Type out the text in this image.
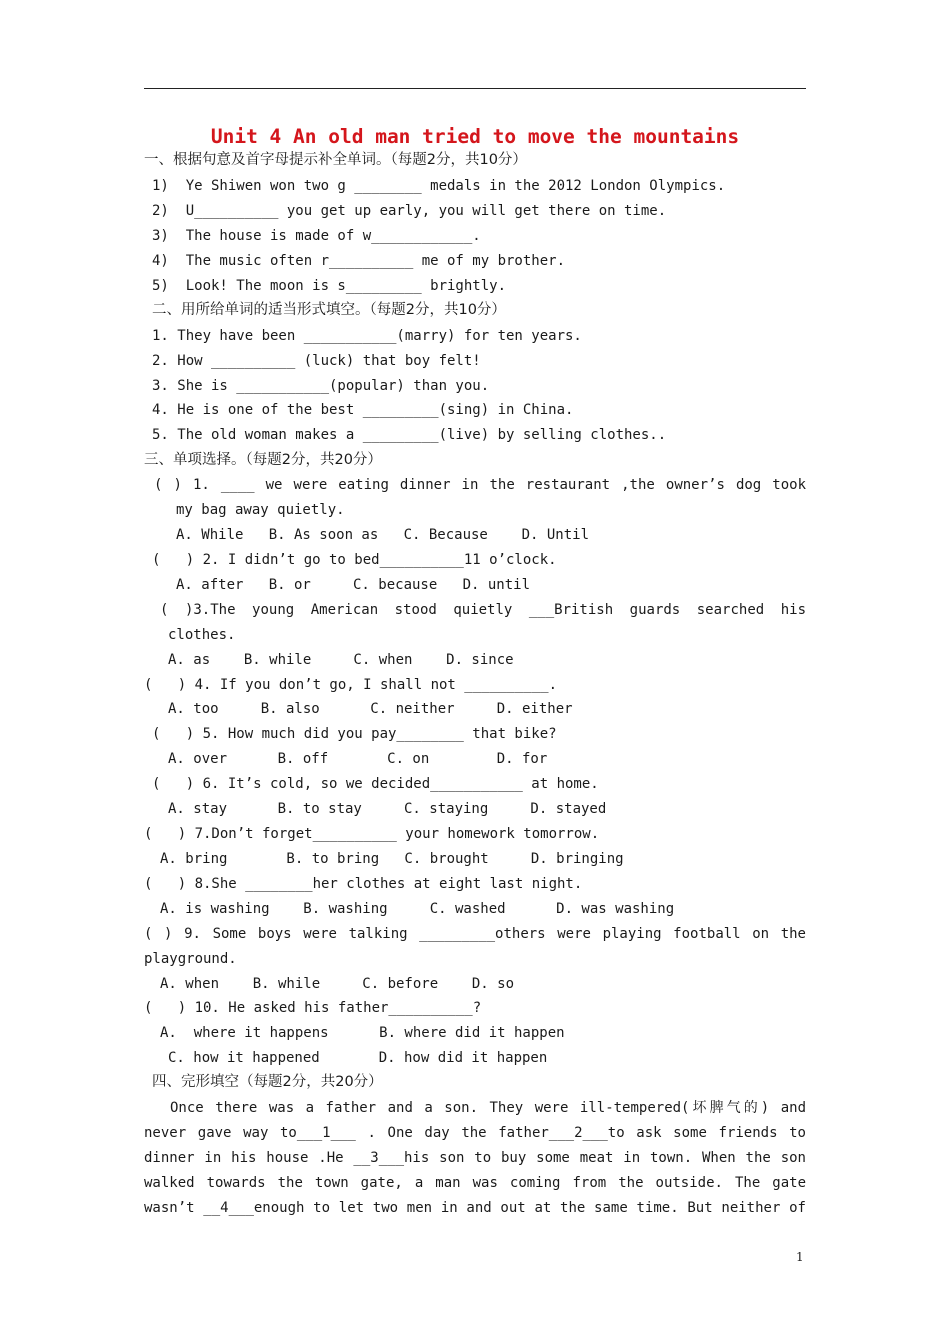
Unit 4 An old man tried to move the mountains
一、根据句意及首字母提示补全单词。（每题2分，共10分）
1)  Ye Shiwen won two g ________ medals in the 2012 London Olympics.
2)  U__________ you get up early, you will get there on time.
3)  The house is made of w____________.
4)  The music often r__________ me of my brother.
5)  Look! The moon is s_________ brightly.
二、用所给单词的适当形式填空。（每题2分，共10分）
1. They have been ___________(marry) for ten years.
2. How __________ (luck) that boy felt!
3. She is ___________(popular) than you.
4. He is one of the best _________(sing) in China.
5. The old woman makes a _________(live) by selling clothes..
三、单项选择。（每题2分，共20分）
( ) 1. ____ we were eating dinner in the restaurant ,the owner’s dog took
my bag away quietly.
A. While   B. As soon as   C. Because    D. Until
(   ) 2. I didn’t go to bed__________11 o’clock.
A. after   B. or     C. because   D. until
( )3.The young American stood quietly ___British guards searched his
clothes.
A. as    B. while     C. when    D. since
(   ) 4. If you don’t go, I shall not __________.
A. too     B. also      C. neither     D. either
(   ) 5. How much did you pay________ that bike?
A. over      B. off       C. on        D. for
(   ) 6. It’s cold, so we decided___________ at home.
A. stay      B. to stay     C. staying     D. stayed
(   ) 7.Don’t forget__________ your homework tomorrow.
A. bring       B. to bring   C. brought     D. bringing
(   ) 8.She ________her clothes at eight last night.
A. is washing    B. washing     C. washed      D. was washing
( ) 9. Some boys were talking _________others were playing football on the
playground.
A. when    B. while     C. before    D. so
(   ) 10. He asked his father__________?
A.  where it happens      B. where did it happen
C. how it happened       D. how did it happen
四、完形填空（每题2分，共20分）
Once there was a father and a son. They were ill-tempered(坏脾气的) and
never gave way to___1___ . One day the father___2___to ask some friends to
dinner in his house .He __3___his son to buy some meat in town. When the son
walked towards the town gate, a man was coming from the outside. The gate
wasn’t __4___enough to let two men in and out at the same time. But neither of
1
